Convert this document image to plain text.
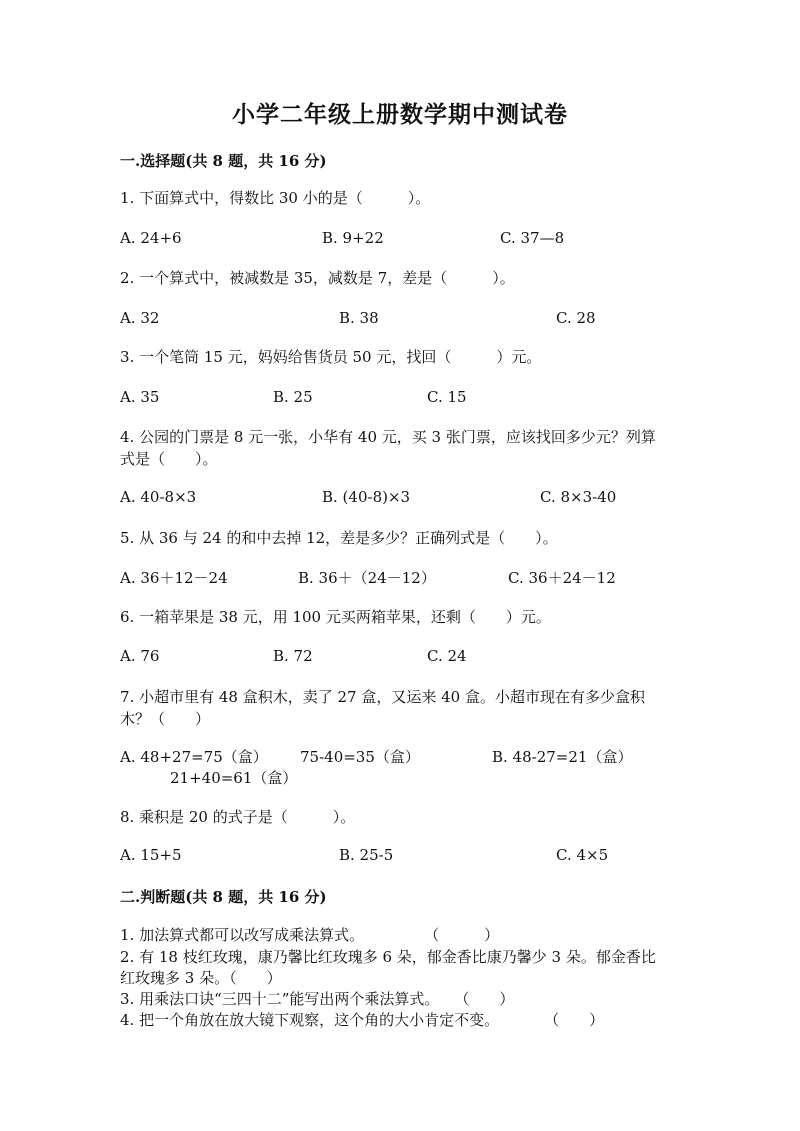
小学二年级上册数学期中测试卷
一.选择题(共 8 题，共 16 分)
1. 下面算式中，得数比 30 小的是（　　　）。
A. 24+6	B. 9+22	C. 37—8
2. 一个算式中，被减数是 35，减数是 7，差是（　　　）。
A. 32	B. 38	C. 28
3. 一个笔筒 15 元，妈妈给售货员 50 元，找回（　　　）元。
A. 35	B. 25	C. 15
4. 公园的门票是 8 元一张，小华有 40 元，买 3 张门票，应该找回多少元？列算
式是（　　）。
A. 40-8×3	B. (40-8)×3	C. 8×3-40
5. 从 36 与 24 的和中去掉 12，差是多少？正确列式是（　　）。
A. 36＋12－24	B. 36＋（24－12）	C. 36＋24－12
6. 一箱苹果是 38 元，用 100 元买两箱苹果，还剩（　　）元。
A. 76	B. 72	C. 24
7. 小超市里有 48 盒积木，卖了 27 盒，又运来 40 盒。小超市现在有多少盒积
木？（　　）
A. 48+27=75（盒） 75-40=35（盒）	B. 48-27=21（盒）
21+40=61（盒）
8. 乘积是 20 的式子是（　　　）。
A. 15+5	B. 25-5	C. 4×5
二.判断题(共 8 题，共 16 分)
1. 加法算式都可以改写成乘法算式。　　　　　（　　　）
2. 有 18 枝红玫瑰，康乃馨比红玫瑰多 6 朵，郁金香比康乃馨少 3 朵。郁金香比
红玫瑰多 3 朵。（　　）
3. 用乘法口诀“三四十二”能写出两个乘法算式。　　（　　）
4. 把一个角放在放大镜下观察，这个角的大小肯定不变。　　　　（　　）
